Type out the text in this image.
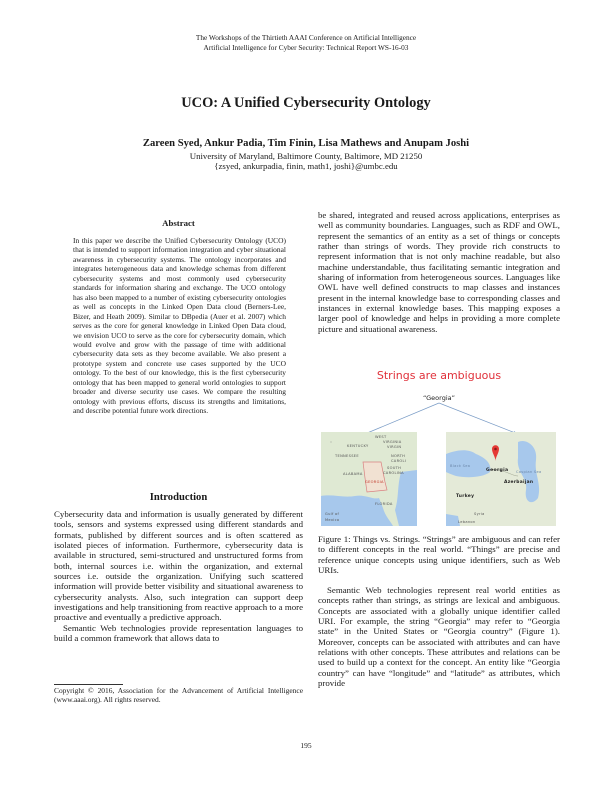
The Workshops of the Thirtieth AAAI Conference on Artificial Intelligence
Artificial Intelligence for Cyber Security: Technical Report WS-16-03
UCO: A Unified Cybersecurity Ontology
Zareen Syed, Ankur Padia, Tim Finin, Lisa Mathews and Anupam Joshi
University of Maryland, Baltimore County, Baltimore, MD 21250
{zsyed, ankurpadia, finin, math1, joshi}@umbc.edu
Abstract
In this paper we describe the Unified Cybersecurity Ontology (UCO) that is intended to support information integration and cyber situational awareness in cybersecurity systems. The ontology incorporates and integrates heterogeneous data and knowledge schemas from different cybersecurity systems and most commonly used cybersecurity standards for information sharing and exchange. The UCO ontology has also been mapped to a number of existing cybersecurity ontologies as well as concepts in the Linked Open Data cloud (Berners-Lee, Bizer, and Heath 2009). Similar to DBpedia (Auer et al. 2007) which serves as the core for general knowledge in Linked Open Data cloud, we envision UCO to serve as the core for cybersecurity domain, which would evolve and grow with the passage of time with additional cybersecurity data sets as they become available. We also present a prototype system and concrete use cases supported by the UCO ontology. To the best of our knowledge, this is the first cybersecurity ontology that has been mapped to general world ontologies to support broader and diverse security use cases. We compare the resulting ontology with previous efforts, discuss its strengths and limitations, and describe potential future work directions.
Introduction

Cybersecurity data and information is usually generated by different tools, sensors and systems expressed using different standards and formats, published by different sources and is often scattered as isolated pieces of information. Furthermore, cybersecurity data is available in structured, semi-structured and unstructured forms from both, internal sources i.e. within the organization, and external sources i.e. outside the organization. Unifying such scattered information will provide better visibility and situational awareness to cybersecurity analysts. Also, such integration can support deep investigations and help transitioning from reactive approach to a more proactive and eventually a predictive approach.

Semantic Web technologies provide representation languages to build a common framework that allows data to

Copyright © 2016, Association for the Advancement of Artificial Intelligence (www.aaai.org). All rights reserved.
be shared, integrated and reused across applications, enterprises as well as community boundaries. Languages, such as RDF and OWL, represent the semantics of an entity as a set of things or concepts rather than strings of words. They provide rich constructs to represent information that is not only machine readable, but also machine understandable, thus facilitating semantic integration and sharing of information from heterogeneous sources. Languages like OWL have well defined constructs to map classes and instances present in the internal knowledge base to corresponding classes and instances in external knowledge bases. This mapping exposes a larger pool of knowledge and helps in providing a more complete picture and situational awareness.
Strings are ambiguous
“Georgia”
WEST
VIRGINIA
KENTUCKY	VIRGIN
TENNESSEE	NORTH
CAROLI
SOUTH
CAROLINA
ALABAMA
GEORGIA
FLORIDA
Gulf of
Mexico
Black Sea
Georgia Caspian Sea
Azerbaijan
Turkey
Syria
Lebanon
Figure 1: Things vs. Strings. “Strings” are ambiguous and can refer to different concepts in the real world. “Things” are precise and reference unique concepts using unique identifiers, such as Web URIs.

Semantic Web technologies represent real world entities as concepts rather than strings, as strings are lexical and ambiguous. Concepts are associated with a globally unique identifier called URI. For example, the string “Georgia” may refer to “Georgia state” in the United States or “Georgia country” (Figure 1). Moreover, concepts can be associated with attributes and can have relations with other concepts. These attributes and relations can be used to build up a context for the concept. An entity like “Georgia country” can have “longitude” and “latitude” as attributes, which provide

195
